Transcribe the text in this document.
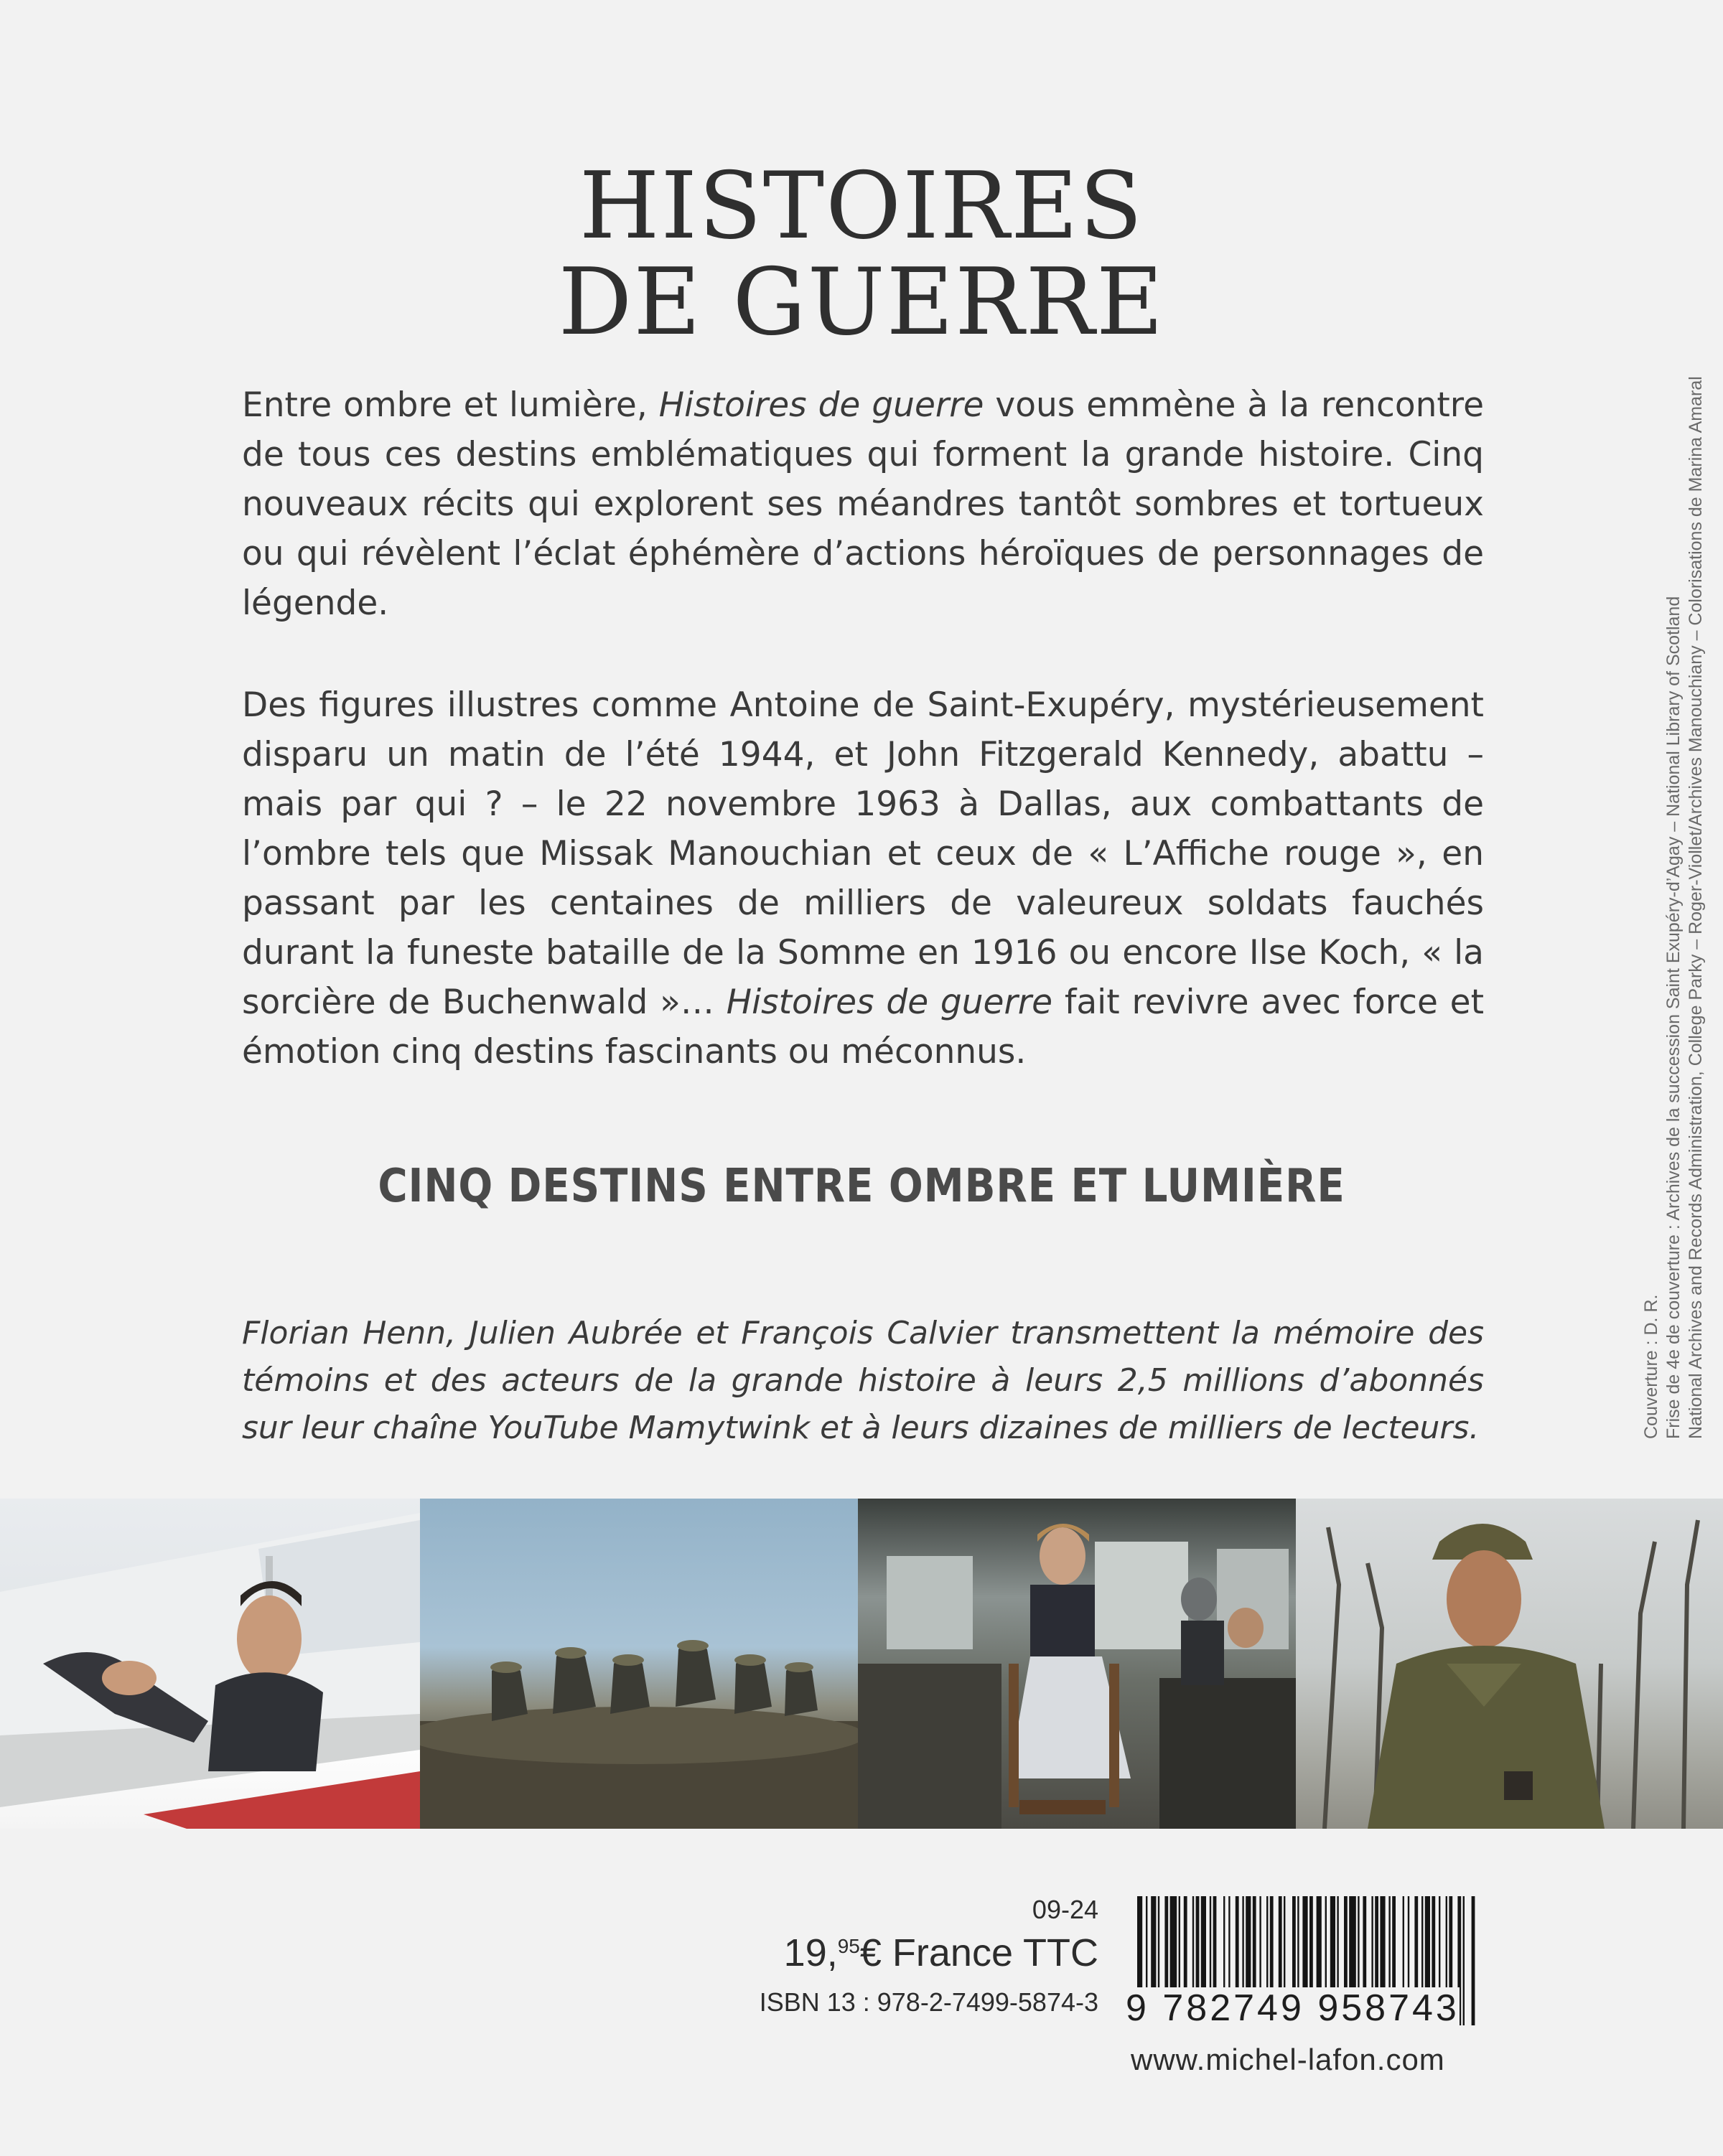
HISTOIRES
DE GUERRE

Entre ombre et lumière, Histoires de guerre vous emmène à la rencontre de tous ces destins emblématiques qui forment la grande histoire. Cinq nouveaux récits qui explorent ses méandres tantôt sombres et tortueux ou qui révèlent l’éclat éphémère d’actions héroïques de personnages de légende.

Des figures illustres comme Antoine de Saint-Exupéry, mystérieusement disparu un matin de l’été 1944, et John Fitzgerald Kennedy, abattu – mais par qui ? – le 22 novembre 1963 à Dallas, aux combattants de l’ombre tels que Missak Manouchian et ceux de « L’Affiche rouge », en passant par les centaines de milliers de valeureux soldats fauchés durant la funeste bataille de la Somme en 1916 ou encore Ilse Koch, « la sorcière de Buchenwald »… Histoires de guerre fait revivre avec force et émotion cinq destins fascinants ou méconnus.

CINQ DESTINS ENTRE OMBRE ET LUMIÈRE

Florian Henn, Julien Aubrée et François Calvier transmettent la mémoire des témoins et des acteurs de la grande histoire à leurs 2,5 millions d’abonnés sur leur chaîne YouTube Mamytwink et à leurs dizaines de milliers de lecteurs.	Couverture : D. R. Frise de 4e de couverture : Archives de la succession Saint Exupéry-d’Agay – National Library of Scotland National Archives and Records Administration, College Parky – Roger-Viollet/Archives Manouchiany – Colorisations de Marina Amaral
09-24
19,95€ France TTC
ISBN 13 : 978-2-7499-5874-3 9 782749 958743
www.michel-lafon.com
